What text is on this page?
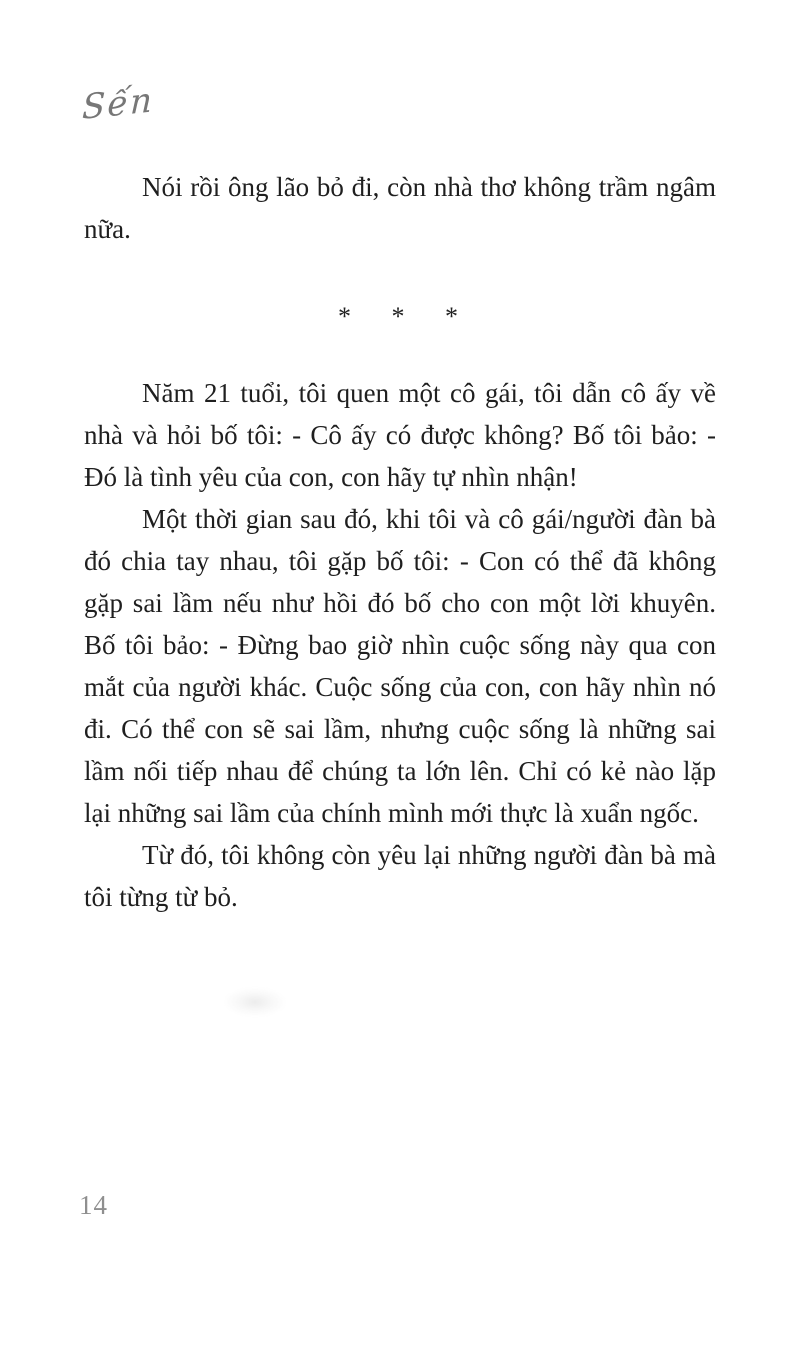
Sến

Nói rồi ông lão bỏ đi, còn nhà thơ không trầm ngâm nữa.

* * *

Năm 21 tuổi, tôi quen một cô gái, tôi dẫn cô ấy về nhà và hỏi bố tôi: - Cô ấy có được không? Bố tôi bảo: - Đó là tình yêu của con, con hãy tự nhìn nhận!

Một thời gian sau đó, khi tôi và cô gái/người đàn bà đó chia tay nhau, tôi gặp bố tôi: - Con có thể đã không gặp sai lầm nếu như hồi đó bố cho con một lời khuyên. Bố tôi bảo: - Đừng bao giờ nhìn cuộc sống này qua con mắt của người khác. Cuộc sống của con, con hãy nhìn nó đi. Có thể con sẽ sai lầm, nhưng cuộc sống là những sai lầm nối tiếp nhau để chúng ta lớn lên. Chỉ có kẻ nào lặp lại những sai lầm của chính mình mới thực là xuẩn ngốc.

Từ đó, tôi không còn yêu lại những người đàn bà mà tôi từng từ bỏ.

14
